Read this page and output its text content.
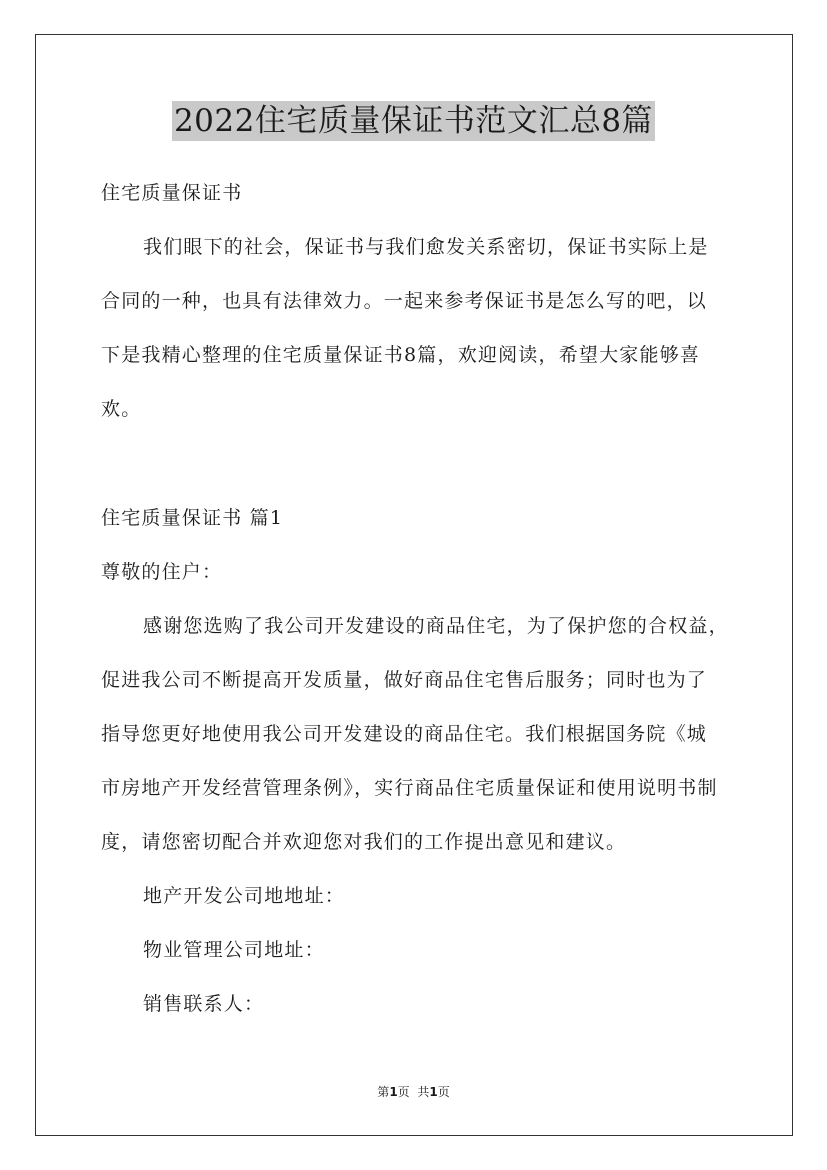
2022住宅质量保证书范文汇总8篇
住宅质量保证书
我们眼下的社会，保证书与我们愈发关系密切，保证书实际上是
合同的一种，也具有法律效力。一起来参考保证书是怎么写的吧，以
下是我精心整理的住宅质量保证书8篇，欢迎阅读，希望大家能够喜
欢。
住宅质量保证书 篇1
尊敬的住户：
感谢您选购了我公司开发建设的商品住宅，为了保护您的合权益，
促进我公司不断提高开发质量，做好商品住宅售后服务；同时也为了
指导您更好地使用我公司开发建设的商品住宅。我们根据国务院《城
市房地产开发经营管理条例》，实行商品住宅质量保证和使用说明书制
度，请您密切配合并欢迎您对我们的工作提出意见和建议。
地产开发公司地地址：
物业管理公司地址：
销售联系人：
第1页  共1页
